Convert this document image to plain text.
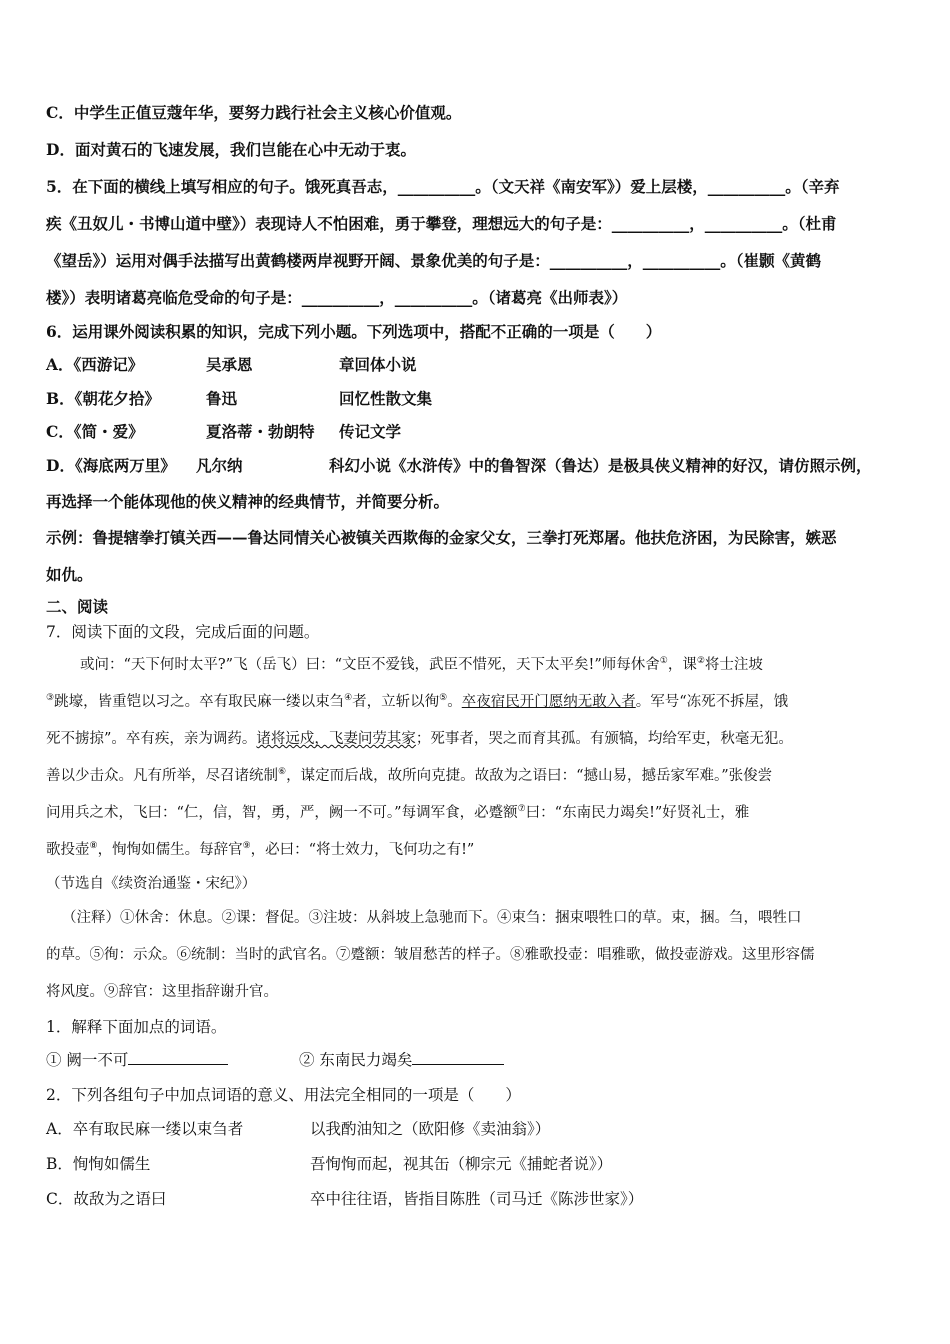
C．中学生正值豆蔻年华，要努力践行社会主义核心价值观。
D．面对黄石的飞速发展，我们岂能在心中无动于衷。
5．在下面的横线上填写相应的句子。饿死真吾志，__________。（文天祥《南安军》）爱上层楼，__________。（辛弃
疾《丑奴儿・书博山道中壁》）表现诗人不怕困难，勇于攀登，理想远大的句子是：__________，__________。（杜甫
《望岳》）运用对偶手法描写出黄鹤楼两岸视野开阔、景象优美的句子是：__________，__________。（崔颢《黄鹤
楼》）表明诸葛亮临危受命的句子是：__________，__________。（诸葛亮《出师表》）
6．运用课外阅读积累的知识，完成下列小题。下列选项中，搭配不正确的一项是（　　）
A．《西游记》	吴承恩	章回体小说
B．《朝花夕拾》	鲁迅	回忆性散文集
C．《简・爱》	夏洛蒂・勃朗特 传记文学
D．《海底两万里》 凡尔纳	科幻小说《水浒传》中的鲁智深（鲁达）是极具侠义精神的好汉，请仿照示例，
再选择一个能体现他的侠义精神的经典情节，并简要分析。
示例：鲁提辖拳打镇关西——鲁达同情关心被镇关西欺侮的金家父女，三拳打死郑屠。他扶危济困，为民除害，嫉恶
如仇。
二、阅读
7．阅读下面的文段，完成后面的问题。
或问：“天下何时太平?”飞（岳飞）曰：“文臣不爱钱，武臣不惜死，天下太平矣!”师每休舍①，课②将士注坡
③跳壕，皆重铠以习之。卒有取民麻一缕以束刍④者，立斩以徇⑤。卒夜宿民开门愿纳无敢入者。军号“冻死不拆屋，饿
死不掳掠”。卒有疾，亲为调药。诸将远戍，飞妻问劳其家；死事者，哭之而育其孤。有颁犒，均给军吏，秋毫无犯。
善以少击众。凡有所举，尽召诸统制⑥，谋定而后战，故所向克捷。故敌为之语曰：“撼山易，撼岳家军难。”张俊尝
问用兵之术，飞曰：“仁，信，智，勇，严，阙一不可。”每调军食，必蹙额⑦曰：“东南民力竭矣!”好贤礼士，雅
歌投壶⑧，恂恂如儒生。每辞官⑨，必曰：“将士效力，飞何功之有!”
（节选自《续资治通鉴・宋纪》）
（注释）①休舍：休息。②课：督促。③注坡：从斜坡上急驰而下。④束刍：捆束喂牲口的草。束，捆。刍，喂牲口
的草。⑤徇：示众。⑥统制：当时的武官名。⑦蹙额：皱眉愁苦的样子。⑧雅歌投壶：唱雅歌，做投壶游戏。这里形容儒
将风度。⑨辞官：这里指辞谢升官。
1．解释下面加点的词语。
① 阙一不可	② 东南民力竭矣
2．下列各组句子中加点词语的意义、用法完全相同的一项是（　　）
A．卒有取民麻一缕以束刍者	以我酌油知之（欧阳修《卖油翁》）
B．恂恂如儒生	吾恂恂而起，视其缶（柳宗元《捕蛇者说》）
C．故敌为之语曰	卒中往往语，皆指目陈胜（司马迁《陈涉世家》）
